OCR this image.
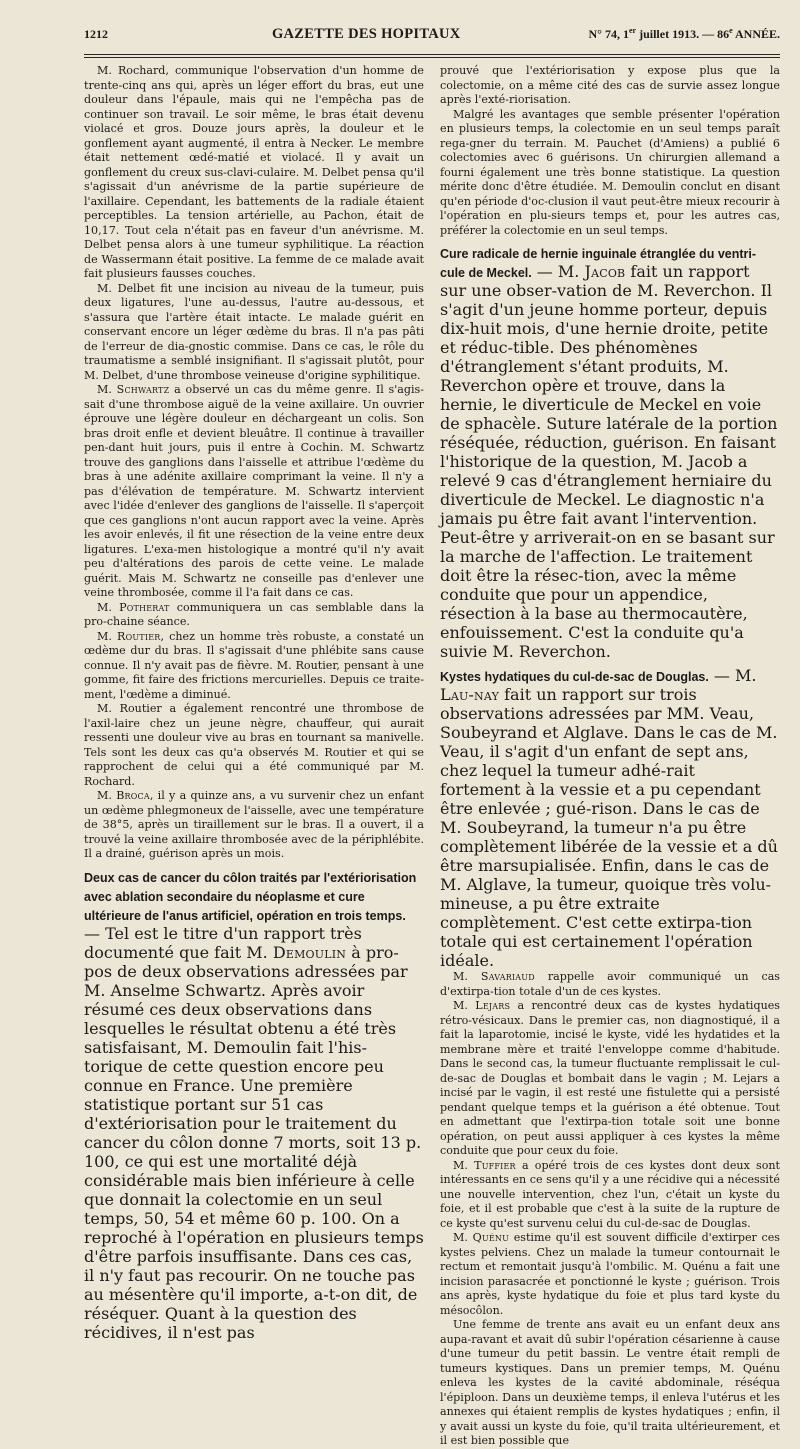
1212	GAZETTE DES HOPITAUX	N° 74, 1er juillet 1913. — 86e ANNÉE.

M. Rochard, communique l'observation d'un homme de trente-cinq ans qui, après un léger effort du bras, eut une douleur dans l'épaule, mais qui ne l'empêcha pas de continuer son travail. Le soir même, le bras était devenu violacé et gros. Douze jours après, la douleur et le gonflement ayant augmenté, il entra à Necker. Le membre était nettement œdé-matié et violacé. Il y avait un gonflement du creux sus-clavi-culaire. M. Delbet pensa qu'il s'agissait d'un anévrisme de la partie supérieure de l'axillaire. Cependant, les battements de la radiale étaient perceptibles. La tension artérielle, au Pachon, était de 10,17. Tout cela n'était pas en faveur d'un anévrisme. M. Delbet pensa alors à une tumeur syphilitique. La réaction de Wassermann était positive. La femme de ce malade avait fait plusieurs fausses couches.

M. Delbet fit une incision au niveau de la tumeur, puis deux ligatures, l'une au-dessus, l'autre au-dessous, et s'assura que l'artère était intacte. Le malade guérit en conservant encore un léger œdème du bras. Il n'a pas pâti de l'erreur de dia-gnostic commise. Dans ce cas, le rôle du traumatisme a semblé insignifiant. Il s'agissait plutôt, pour M. Delbet, d'une thrombose veineuse d'origine syphilitique.

M. Schwartz a observé un cas du même genre. Il s'agis-sait d'une thrombose aiguë de la veine axillaire. Un ouvrier éprouve une légère douleur en déchargeant un colis. Son bras droit enfle et devient bleuâtre. Il continue à travailler pen-dant huit jours, puis il entre à Cochin. M. Schwartz trouve des ganglions dans l'aisselle et attribue l'œdème du bras à une adénite axillaire comprimant la veine. Il n'y a pas d'élévation de température. M. Schwartz intervient avec l'idée d'enlever des ganglions de l'aisselle. Il s'aperçoit que ces ganglions n'ont aucun rapport avec la veine. Après les avoir enlevés, il fit une résection de la veine entre deux ligatures. L'exa-men histologique a montré qu'il n'y avait peu d'altérations des parois de cette veine. Le malade guérit. Mais M. Schwartz ne conseille pas d'enlever une veine thrombosée, comme il l'a fait dans ce cas.

M. Potherat communiquera un cas semblable dans la pro-chaine séance.

M. Routier, chez un homme très robuste, a constaté un œdème dur du bras. Il s'agissait d'une phlébite sans cause connue. Il n'y avait pas de fièvre. M. Routier, pensant à une gomme, fit faire des frictions mercurielles. Depuis ce traite-ment, l'œdème a diminué.

M. Routier a également rencontré une thrombose de l'axil-laire chez un jeune nègre, chauffeur, qui aurait ressenti une douleur vive au bras en tournant sa manivelle. Tels sont les deux cas qu'a observés M. Routier et qui se rapprochent de celui qui a été communiqué par M. Rochard.

M. Broca, il y a quinze ans, a vu survenir chez un enfant un œdème phlegmoneux de l'aisselle, avec une température de 38°5, après un tiraillement sur le bras. Il a ouvert, il a trouvé la veine axillaire thrombosée avec de la périphlébite. Il a drainé, guérison après un mois.

Deux cas de cancer du côlon traités par l'extériorisation avec ablation secondaire du néoplasme et cure ultérieure de l'anus artificiel, opération en trois temps. — Tel est le titre d'un rapport très documenté que fait M. Demoulin à pro-pos de deux observations adressées par M. Anselme Schwartz. Après avoir résumé ces deux observations dans lesquelles le résultat obtenu a été très satisfaisant, M. Demoulin fait l'his-torique de cette question encore peu connue en France. Une première statistique portant sur 51 cas d'extériorisation pour le traitement du cancer du côlon donne 7 morts, soit 13 p. 100, ce qui est une mortalité déjà considérable mais bien inférieure à celle que donnait la colectomie en un seul temps, 50, 54 et même 60 p. 100. On a reproché à l'opération en plusieurs temps d'être parfois insuffisante. Dans ces cas, il n'y faut pas recourir. On ne touche pas au mésentère qu'il importe, a-t-on dit, de réséquer. Quant à la question des récidives, il n'est pas

prouvé que l'extériorisation y expose plus que la colectomie, on a même cité des cas de survie assez longue après l'exté-riorisation.

Malgré les avantages que semble présenter l'opération en plusieurs temps, la colectomie en un seul temps paraît rega-gner du terrain. M. Pauchet (d'Amiens) a publié 6 colectomies avec 6 guérisons. Un chirurgien allemand a fourni également une très bonne statistique. La question mérite donc d'être étudiée. M. Demoulin conclut en disant qu'en période d'oc-clusion il vaut peut-être mieux recourir à l'opération en plu-sieurs temps et, pour les autres cas, préférer la colectomie en un seul temps.

Cure radicale de hernie inguinale étranglée du ventri-cule de Meckel. — M. Jacob fait un rapport sur une obser-vation de M. Reverchon. Il s'agit d'un jeune homme porteur, depuis dix-huit mois, d'une hernie droite, petite et réduc-tible. Des phénomènes d'étranglement s'étant produits, M. Reverchon opère et trouve, dans la hernie, le diverticule de Meckel en voie de sphacèle. Suture latérale de la portion réséquée, réduction, guérison. En faisant l'historique de la question, M. Jacob a relevé 9 cas d'étranglement herniaire du diverticule de Meckel. Le diagnostic n'a jamais pu être fait avant l'intervention. Peut-être y arriverait-on en se basant sur la marche de l'affection. Le traitement doit être la résec-tion, avec la même conduite que pour un appendice, résection à la base au thermocautère, enfouissement. C'est la conduite qu'a suivie M. Reverchon.

Kystes hydatiques du cul-de-sac de Douglas. — M. Lau-nay fait un rapport sur trois observations adressées par MM. Veau, Soubeyrand et Alglave. Dans le cas de M. Veau, il s'agit d'un enfant de sept ans, chez lequel la tumeur adhé-rait fortement à la vessie et a pu cependant être enlevée ; gué-rison. Dans le cas de M. Soubeyrand, la tumeur n'a pu être complètement libérée de la vessie et a dû être marsupialisée. Enfin, dans le cas de M. Alglave, la tumeur, quoique très volu-mineuse, a pu être extraite complètement. C'est cette extirpa-tion totale qui est certainement l'opération idéale.

M. Savariaud rappelle avoir communiqué un cas d'extirpa-tion totale d'un de ces kystes.

M. Lejars a rencontré deux cas de kystes hydatiques rétro-vésicaux. Dans le premier cas, non diagnostiqué, il a fait la laparotomie, incisé le kyste, vidé les hydatides et la membrane mère et traité l'enveloppe comme d'habitude. Dans le second cas, la tumeur fluctuante remplissait le cul-de-sac de Douglas et bombait dans le vagin ; M. Lejars a incisé par le vagin, il est resté une fistulette qui a persisté pendant quelque temps et la guérison a été obtenue. Tout en admettant que l'extirpa-tion totale soit une bonne opération, on peut aussi appliquer à ces kystes la même conduite que pour ceux du foie.

M. Tuffier a opéré trois de ces kystes dont deux sont intéressants en ce sens qu'il y a une récidive qui a nécessité une nouvelle intervention, chez l'un, c'était un kyste du foie, et il est probable que c'est à la suite de la rupture de ce kyste qu'est survenu celui du cul-de-sac de Douglas.

M. Quénu estime qu'il est souvent difficile d'extirper ces kystes pelviens. Chez un malade la tumeur contournait le rectum et remontait jusqu'à l'ombilic. M. Quénu a fait une incision parasacrée et ponctionné le kyste ; guérison. Trois ans après, kyste hydatique du foie et plus tard kyste du mésocôlon.

Une femme de trente ans avait eu un enfant deux ans aupa-ravant et avait dû subir l'opération césarienne à cause d'une tumeur du petit bassin. Le ventre était rempli de tumeurs kystiques. Dans un premier temps, M. Quénu enleva les kystes de la cavité abdominale, réséqua l'épiploon. Dans un deuxième temps, il enleva l'utérus et les annexes qui étaient remplis de kystes hydatiques ; enfin, il y avait aussi un kyste du foie, qu'il traita ultérieurement, et il est bien possible que
